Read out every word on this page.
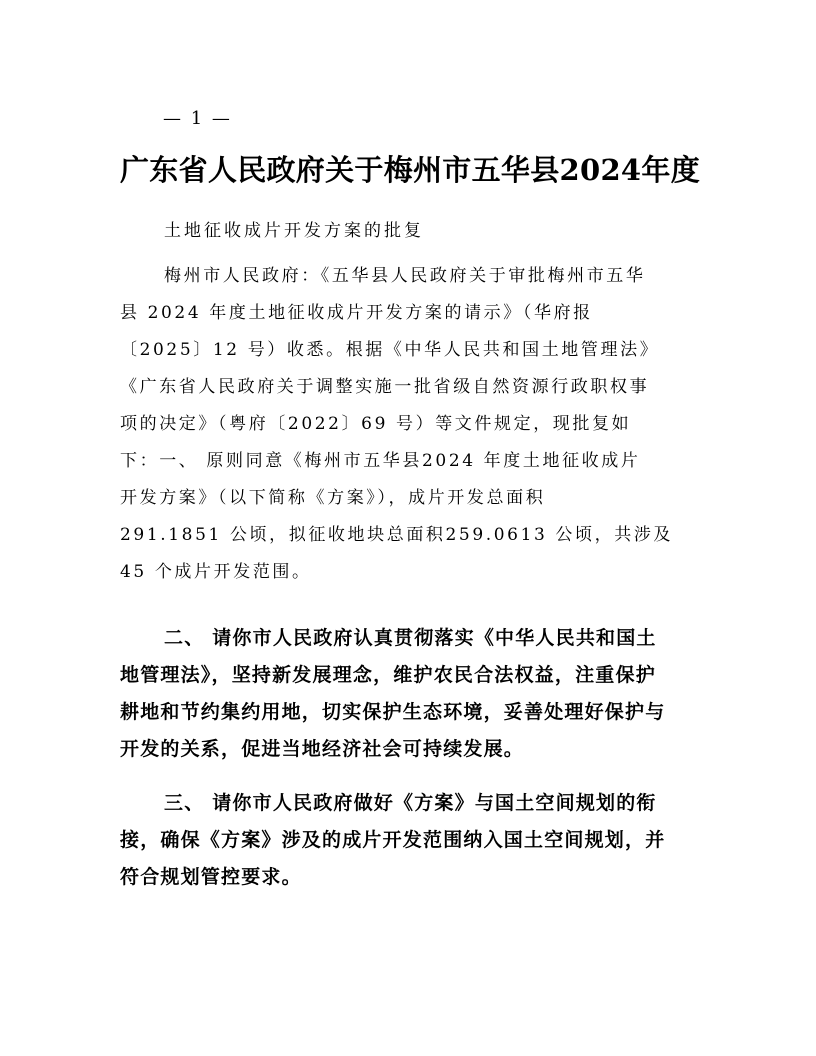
— 1 —
广东省人民政府关于梅州市五华县2024年度
土地征收成片开发方案的批复
梅州市人民政府：《五华县人民政府关于审批梅州市五华
县 2024 年度土地征收成片开发方案的请示》（华府报
〔2025〕12 号）收悉。根据《中华人民共和国土地管理法》
《广东省人民政府关于调整实施一批省级自然资源行政职权事
项的决定》（粤府〔2022〕69 号）等文件规定，现批复如
下：一、 原则同意《梅州市五华县2024 年度土地征收成片
开发方案》（以下简称《方案》），成片开发总面积
291.1851 公顷，拟征收地块总面积259.0613 公顷，共涉及
45 个成片开发范围。
二、 请你市人民政府认真贯彻落实《中华人民共和国土
地管理法》，坚持新发展理念，维护农民合法权益，注重保护
耕地和节约集约用地，切实保护生态环境，妥善处理好保护与
开发的关系，促进当地经济社会可持续发展。
三、 请你市人民政府做好《方案》与国土空间规划的衔
接，确保《方案》涉及的成片开发范围纳入国土空间规划，并
符合规划管控要求。
